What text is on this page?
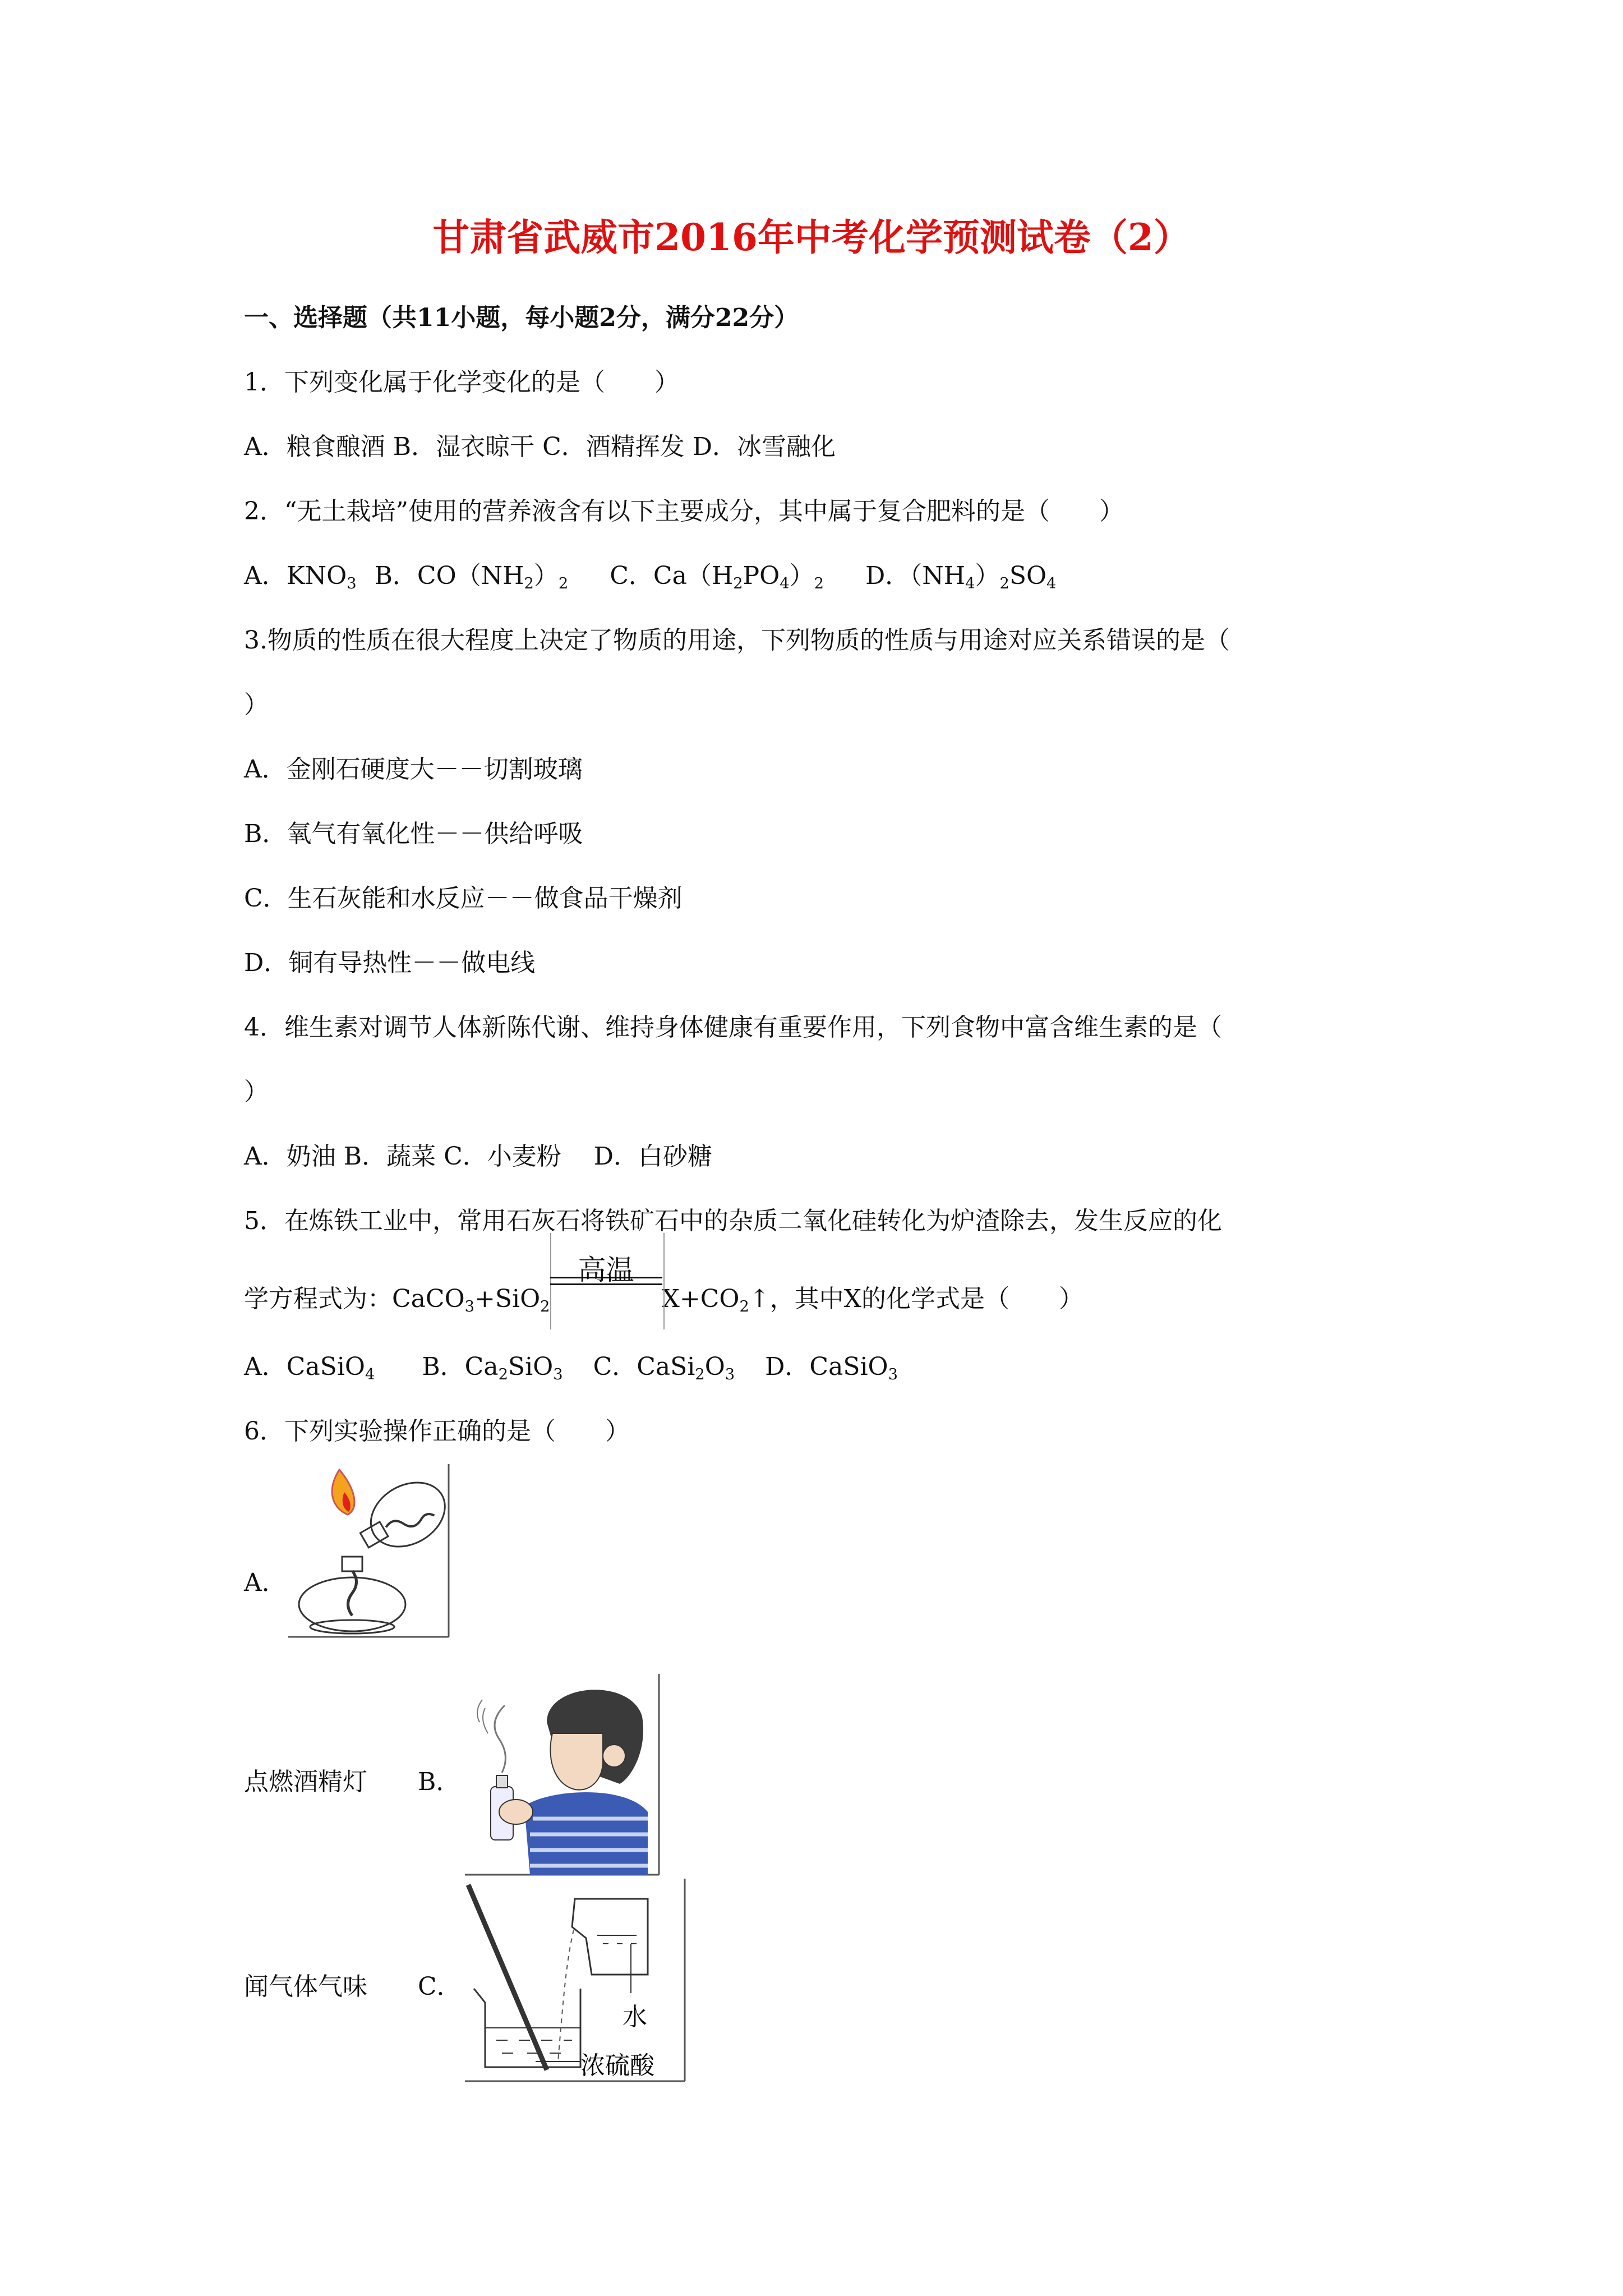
甘肃省武威市2016年中考化学预测试卷（2）
一、选择题（共11小题，每小题2分，满分22分）
1．下列变化属于化学变化的是（　　）
A．粮食酿酒 B．湿衣晾干 C．酒精挥发 D．冰雪融化
2．“无土栽培”使用的营养液含有以下主要成分，其中属于复合肥料的是（　　）
A．$KNO_3$ B．$CO(NH_2)_2$ C．$Ca(H_2PO_4)_2$ D．$(NH_4)_2SO_4$
3.物质的性质在很大程度上决定了物质的用途，下列物质的性质与用途对应关系错误的是（
）
A．金刚石硬度大－－切割玻璃
B．氧气有氧化性－－供给呼吸
C．生石灰能和水反应－－做食品干燥剂
D．铜有导热性－－做电线
4．维生素对调节人体新陈代谢、维持身体健康有重要作用，下列食物中富含维生素的是（
）
A．奶油 B．蔬菜 C．小麦粉　 D．白砂糖
5．在炼铁工业中，常用石灰石将铁矿石中的杂质二氧化硅转化为炉渣除去，发生反应的化
学方程式为：CaCO$_3$+SiO$_2$
高温
$X+CO_2↑$，其中X的化学式是（　　）
A．CaSiO$_4$ B．$Ca_2SiO_3$ C．$CaSi_2O_3$ D．CaSiO$_3$
6．下列实验操作正确的是（　　）
A．
点燃酒精灯 B．
闻气体气味 C．
水
浓硫酸
